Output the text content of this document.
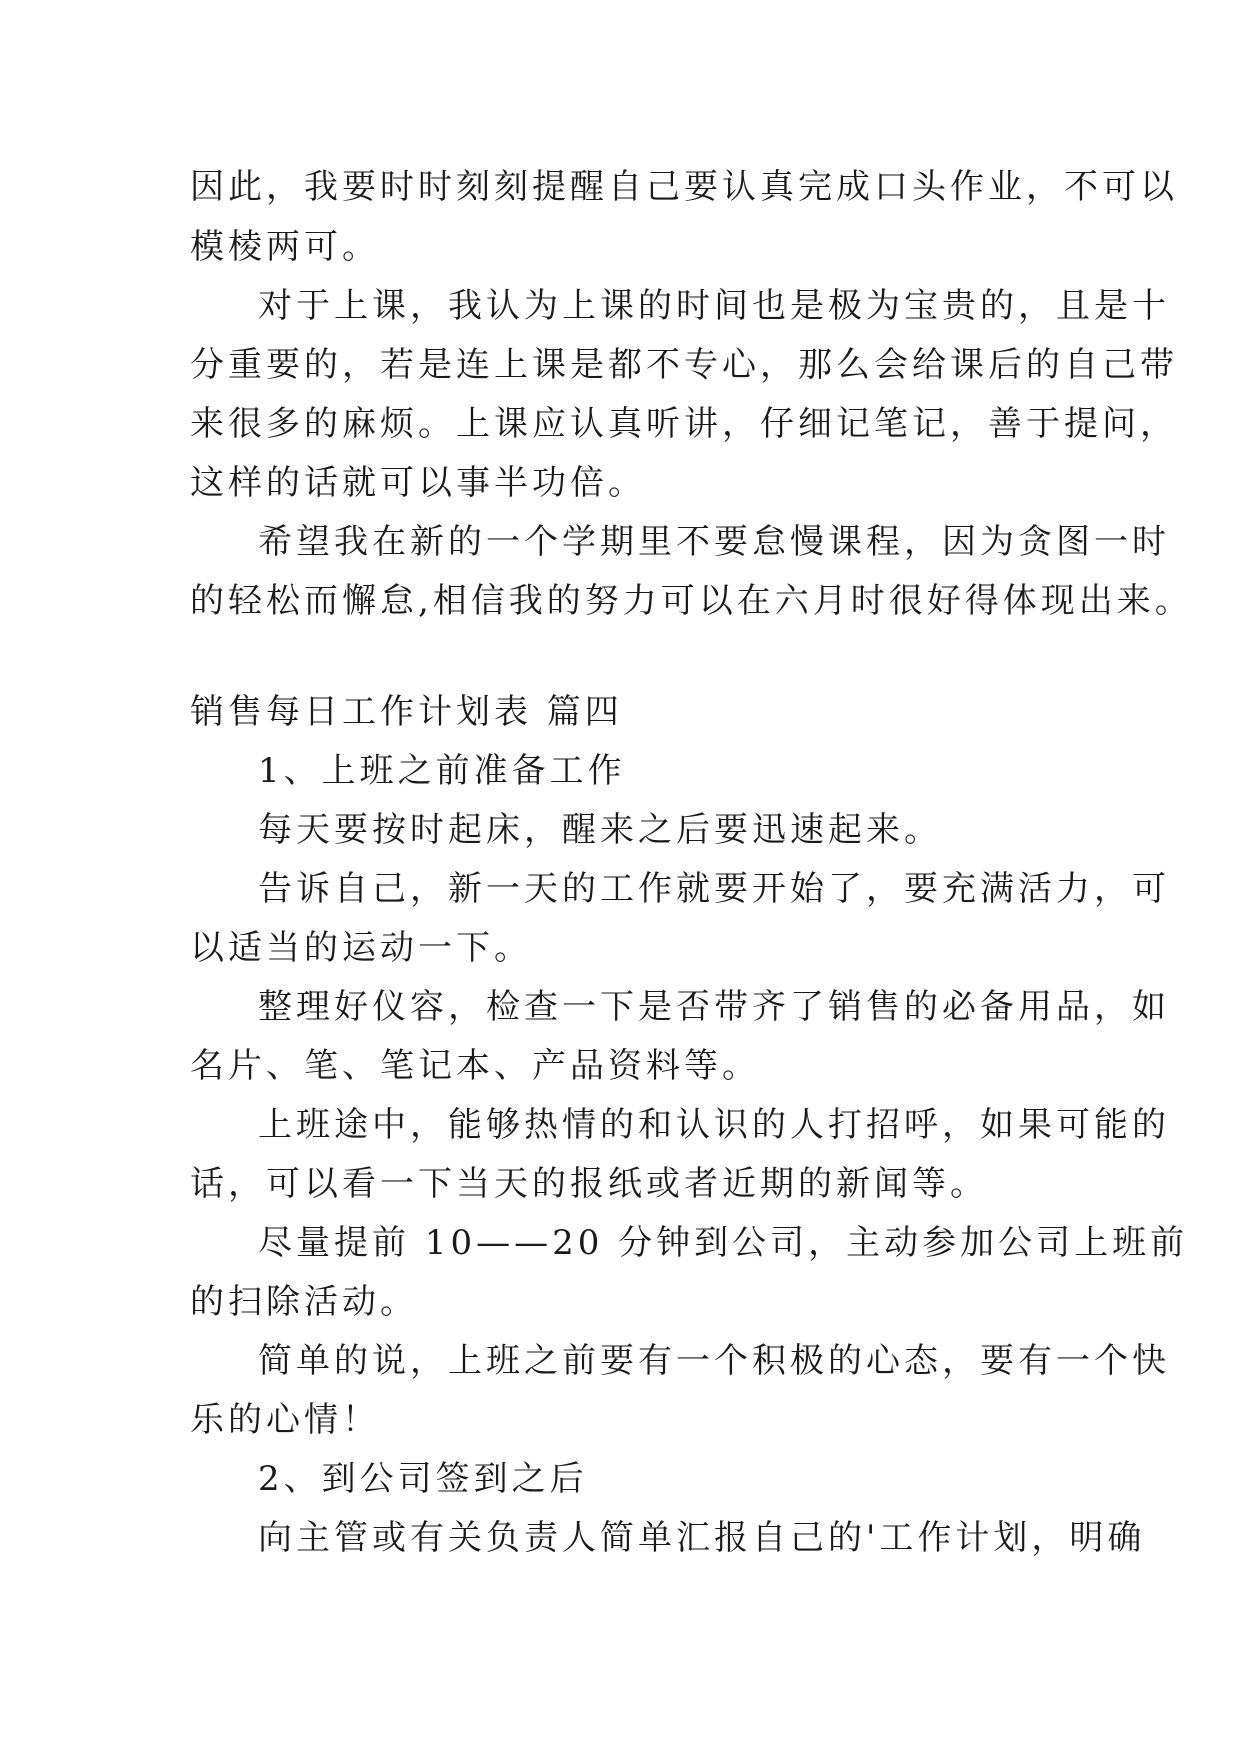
因此，我要时时刻刻提醒自己要认真完成口头作业，不可以

模棱两可。

对于上课，我认为上课的时间也是极为宝贵的，且是十

分重要的，若是连上课是都不专心，那么会给课后的自己带

来很多的麻烦。上课应认真听讲，仔细记笔记，善于提问，

这样的话就可以事半功倍。

希望我在新的一个学期里不要怠慢课程，因为贪图一时

的轻松而懈怠,相信我的努力可以在六月时很好得体现出来。

销售每日工作计划表 篇四

1、上班之前准备工作

每天要按时起床，醒来之后要迅速起来。

告诉自己，新一天的工作就要开始了，要充满活力，可

以适当的运动一下。

整理好仪容，检查一下是否带齐了销售的必备用品，如

名片、笔、笔记本、产品资料等。

上班途中，能够热情的和认识的人打招呼，如果可能的

话，可以看一下当天的报纸或者近期的新闻等。

尽量提前 10——20 分钟到公司，主动参加公司上班前

的扫除活动。

简单的说，上班之前要有一个积极的心态，要有一个快

乐的心情！

2、到公司签到之后

向主管或有关负责人简单汇报自己的'工作计划，明确
